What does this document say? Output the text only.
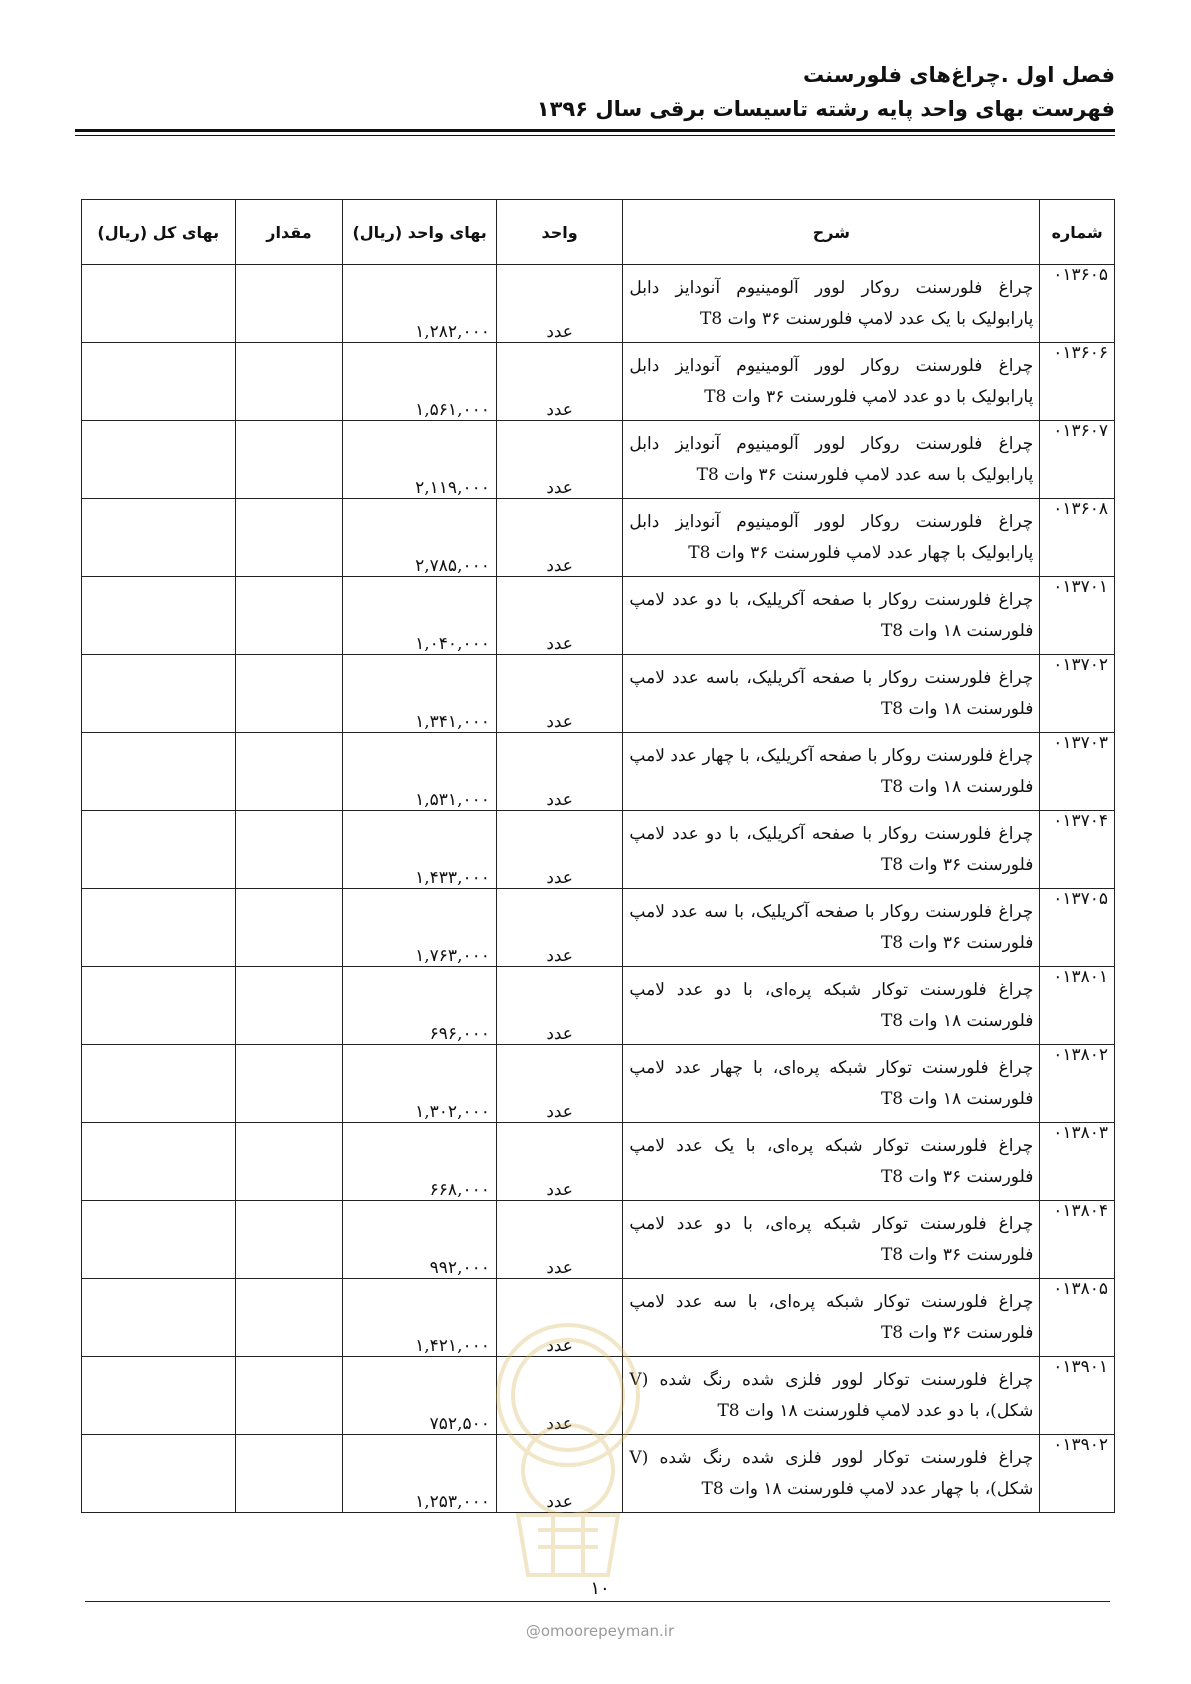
فصل اول .چراغ‌های فلورسنت
فهرست بهای واحد پایه رشته تاسیسات برقی سال ۱۳۹۶
شماره	شرح	واحد	بهای واحد (ریال)	مقدار	بهای کل (ریال)
۰۱۳۶۰۵	چراغ فلورسنت روکار لوور آلومینیوم آنودایز دابل پارابولیک با یک عدد لامپ فلورسنت ۳۶ وات T8	عدد	۱,۲۸۲,۰۰۰		
۰۱۳۶۰۶	چراغ فلورسنت روکار لوور آلومینیوم آنودایز دابل پارابولیک با دو عدد لامپ فلورسنت ۳۶ وات T8	عدد	۱,۵۶۱,۰۰۰		
۰۱۳۶۰۷	چراغ فلورسنت روکار لوور آلومینیوم آنودایز دابل پارابولیک با سه عدد لامپ فلورسنت ۳۶ وات T8	عدد	۲,۱۱۹,۰۰۰		
۰۱۳۶۰۸	چراغ فلورسنت روکار لوور آلومینیوم آنودایز دابل پارابولیک با چهار عدد لامپ فلورسنت ۳۶ وات T8	عدد	۲,۷۸۵,۰۰۰		
۰۱۳۷۰۱	چراغ فلورسنت روکار با صفحه آکریلیک، با دو عدد لامپ فلورسنت ۱۸ وات T8	عدد	۱,۰۴۰,۰۰۰		
۰۱۳۷۰۲	چراغ فلورسنت روکار با صفحه آکریلیک، باسه عدد لامپ فلورسنت ۱۸ وات T8	عدد	۱,۳۴۱,۰۰۰		
۰۱۳۷۰۳	چراغ فلورسنت روکار با صفحه آکریلیک، با چهار عدد لامپ فلورسنت ۱۸ وات T8	عدد	۱,۵۳۱,۰۰۰		
۰۱۳۷۰۴	چراغ فلورسنت روکار با صفحه آکریلیک، با دو عدد لامپ فلورسنت ۳۶ وات T8	عدد	۱,۴۳۳,۰۰۰		
۰۱۳۷۰۵	چراغ فلورسنت روکار با صفحه آکریلیک، با سه عدد لامپ فلورسنت ۳۶ وات T8	عدد	۱,۷۶۳,۰۰۰		
۰۱۳۸۰۱	چراغ فلورسنت توکار شبکه پره‌ای، با دو عدد لامپ فلورسنت ۱۸ وات T8	عدد	۶۹۶,۰۰۰		
۰۱۳۸۰۲	چراغ فلورسنت توکار شبکه پره‌ای، با چهار عدد لامپ فلورسنت ۱۸ وات T8	عدد	۱,۳۰۲,۰۰۰		
۰۱۳۸۰۳	چراغ فلورسنت توکار شبکه پره‌ای، با یک عدد لامپ فلورسنت ۳۶ وات T8	عدد	۶۶۸,۰۰۰		
۰۱۳۸۰۴	چراغ فلورسنت توکار شبکه پره‌ای، با دو عدد لامپ فلورسنت ۳۶ وات T8	عدد	۹۹۲,۰۰۰		
۰۱۳۸۰۵	چراغ فلورسنت توکار شبکه پره‌ای، با سه عدد لامپ فلورسنت ۳۶ وات T8	عدد	۱,۴۲۱,۰۰۰		
۰۱۳۹۰۱	چراغ فلورسنت توکار لوور فلزی شده رنگ شده (V شکل)، با دو عدد لامپ فلورسنت ۱۸ وات T8	عدد	۷۵۲,۵۰۰		
۰۱۳۹۰۲	چراغ فلورسنت توکار لوور فلزی شده رنگ شده (V شکل)، با چهار عدد لامپ فلورسنت ۱۸ وات T8	عدد	۱,۲۵۳,۰۰۰		
۱۰
@omoorepeyman.ir
